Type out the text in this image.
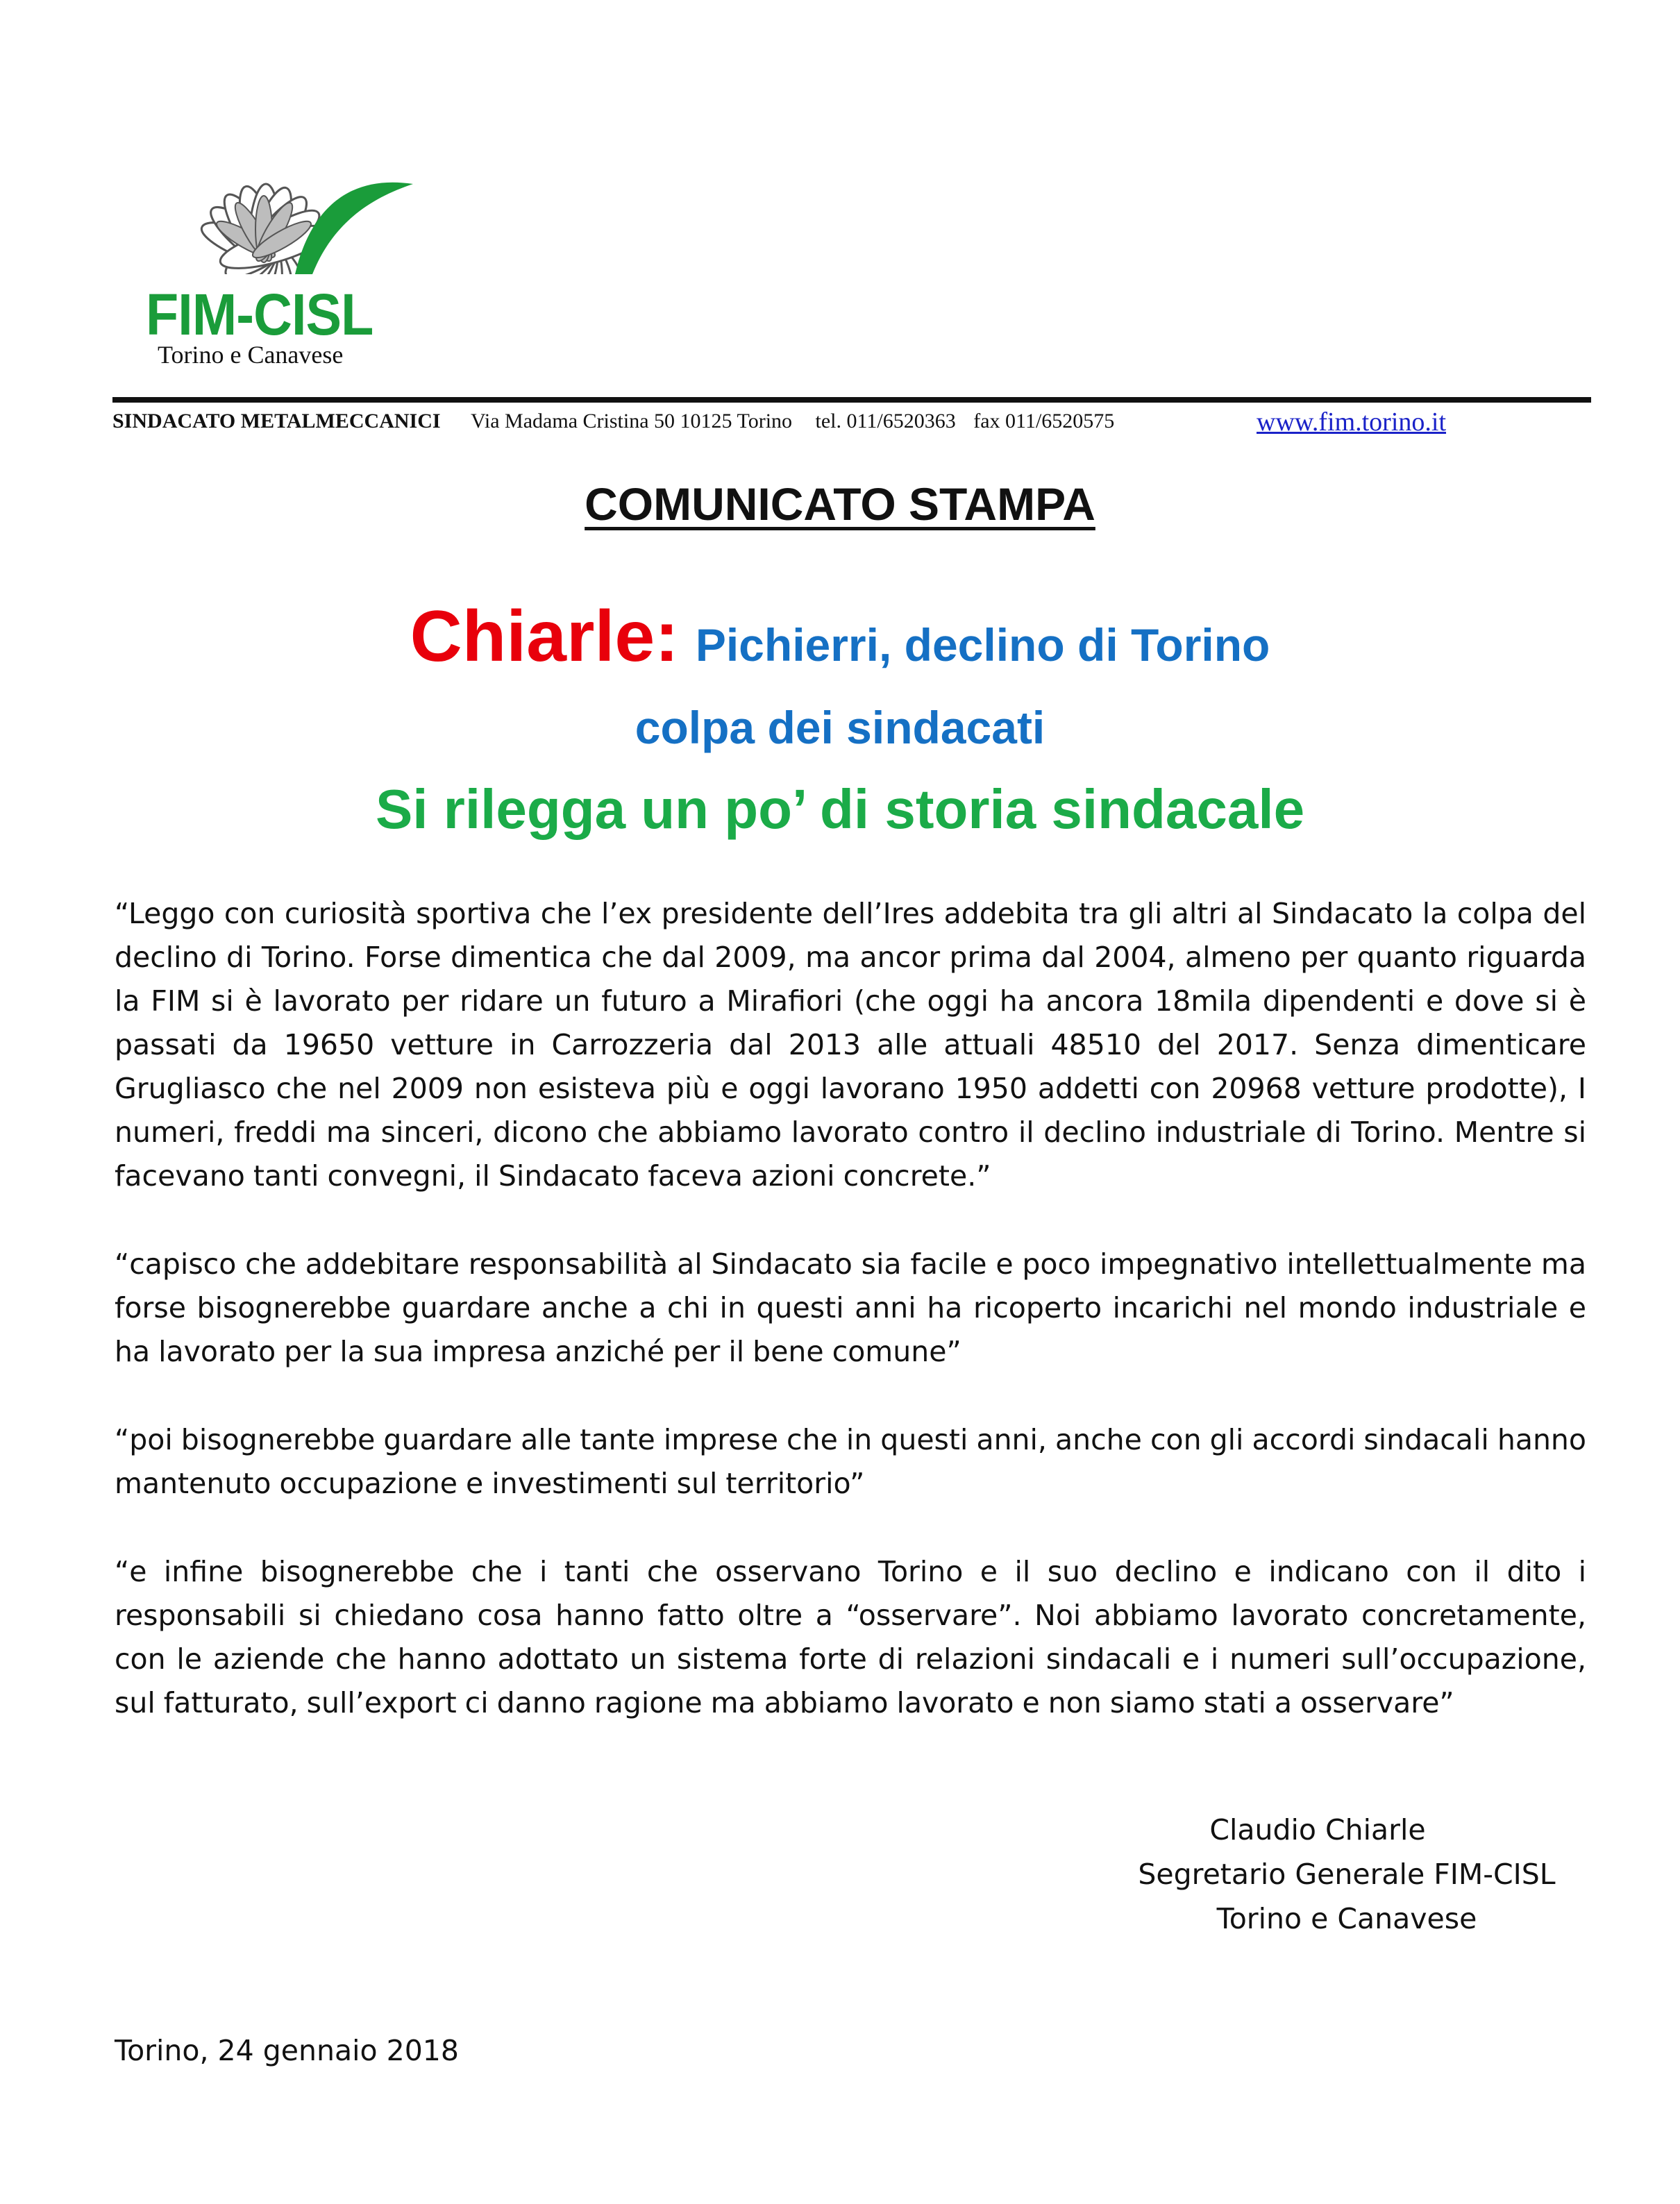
FIM-CISL
Torino e Canavese
SINDACATO METALMECCANICI Via Madama Cristina 50 10125 Torino tel. 011/6520363 fax 011/6520575	www.fim.torino.it
COMUNICATO STAMPA
Chiarle: Pichierri, declino di Torino
colpa dei sindacati
Si rilegga un po’ di storia sindacale
“Leggo con curiosità sportiva che l’ex presidente dell’Ires addebita tra gli altri al Sindacato la colpa del declino di Torino. Forse dimentica che dal 2009, ma ancor prima dal 2004, almeno per quanto riguarda la FIM si è lavorato per ridare un futuro a Mirafiori (che oggi ha ancora 18mila dipendenti e dove si è passati da 19650 vetture in Carrozzeria dal 2013 alle attuali 48510 del 2017. Senza dimenticare Grugliasco che nel 2009 non esisteva più e oggi lavorano 1950 addetti con 20968 vetture prodotte), I numeri, freddi ma sinceri, dicono che abbiamo lavorato contro il declino industriale di Torino. Mentre si facevano tanti convegni, il Sindacato faceva azioni concrete.”
“capisco che addebitare responsabilità al Sindacato sia facile e poco impegnativo intellettualmente ma forse bisognerebbe guardare anche a chi in questi anni ha ricoperto incarichi nel mondo industriale e ha lavorato per la sua impresa anziché per il bene comune”
“poi bisognerebbe guardare alle tante imprese che in questi anni, anche con gli accordi sindacali hanno mantenuto occupazione e investimenti sul territorio”
“e infine bisognerebbe che i tanti che osservano Torino e il suo declino e indicano con il dito i responsabili si chiedano cosa hanno fatto oltre a “osservare”. Noi abbiamo lavorato concretamente, con le aziende che hanno adottato un sistema forte di relazioni sindacali e i numeri sull’occupazione, sul fatturato, sull’export ci danno ragione ma abbiamo lavorato e non siamo stati a osservare”
Claudio Chiarle
Segretario Generale FIM-CISL
Torino e Canavese
Torino, 24 gennaio 2018
